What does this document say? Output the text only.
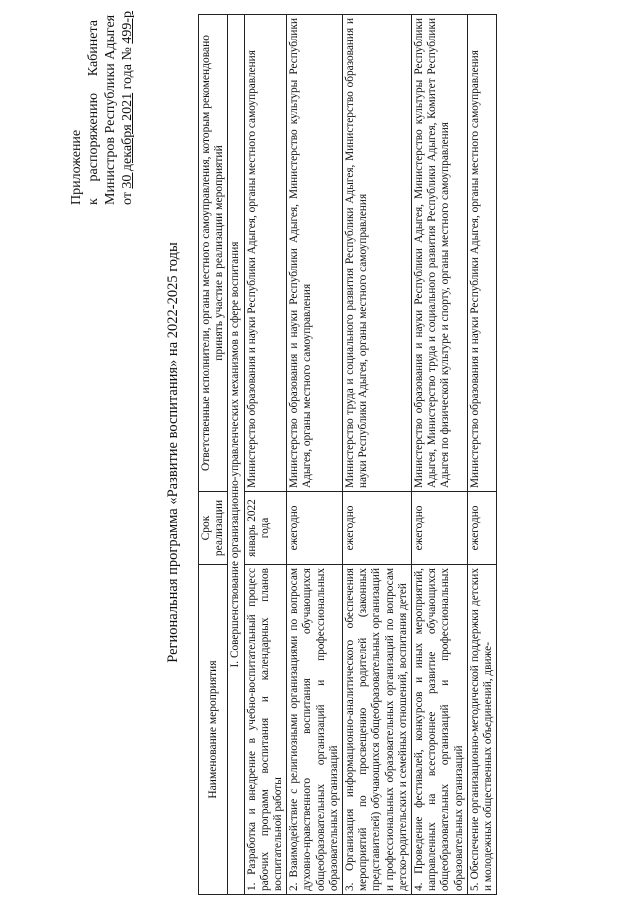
Приложение к
распоряжению
Кабинета Министров Республики Адыгея от 30 декабря 2021 года № 499-р
Региональная программа «Развитие воспитания» на 2022-2025 годы
Наименование мероприятия	Срок реализации	Ответственные исполнители, органы местного самоуправления, которым рекомендовано принять участие в реализации мероприятий
I. Совершенствование организационно-управленческих механизмов в сфере воспитания		
1. Разработка и внедрение в учебно-воспитательный процесс рабочих программ воспитания и календарных планов воспитательной работы	январь 2022 года	Министерство образования и науки Республики Адыгея, органы местного самоуправления
2. Взаимодействие с религиозными организациями по вопросам духовно-нравственного воспитания обучающихся общеобразовательных организаций и профессиональных образовательных организаций	ежегодно	Министерство образования и науки Республики Адыгея, Министерство культуры Республики Адыгея, органы местного самоуправления
3. Организация информационно-аналитического обеспечения мероприятий по просвещению родителей (законных представителей) обучающихся общеобразовательных организаций и профессиональных образовательных организаций по вопросам детско-родительских и семейных отношений, воспитания детей	ежегодно	Министерство труда и социального развития Республики Адыгея, Министерство образования и науки Республики Адыгея, органы местного самоуправления
4. Проведение фестивалей, конкурсов и иных мероприятий, направленных на всестороннее развитие обучающихся общеобразовательных организаций и профессиональных образовательных организаций	ежегодно	Министерство образования и науки Республики Адыгея, Министерство культуры Республики Адыгея, Министерство труда и социального развития Республики Адыгея, Комитет Республики Адыгея по физической культуре и спорту, органы местного самоуправления
5. Обеспечение организационно-методической поддержки детских и молодежных общественных объединений, движе-	ежегодно	Министерство образования и науки Республики Адыгея, органы местного самоуправления
